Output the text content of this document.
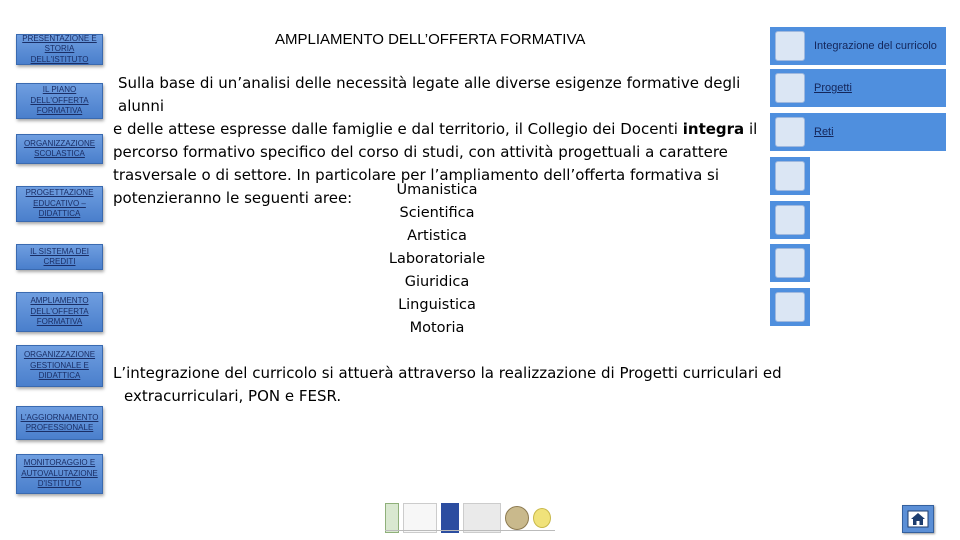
PRESENTAZIONE E STORIA DELL'ISTITUTO
IL PIANO DELL'OFFERTA FORMATIVA
ORGANIZZAZIONE SCOLASTICA
PROGETTAZIONE EDUCATIVO – DIDATTICA
IL SISTEMA DEI CREDITI
AMPLIAMENTO DELL'OFFERTA FORMATIVA
ORGANIZZAZIONE GESTIONALE E DIDATTICA
L'AGGIORNAMENTO PROFESSIONALE
MONITORAGGIO E AUTOVALUTAZIONE D'ISTITUTO
AMPLIAMENTO DELL’OFFERTA FORMATIVA
Sulla base di un’analisi delle necessità legate alle diverse esigenze formative degli alunni
e delle attese espresse dalle famiglie e dal territorio, il Collegio dei Docenti integra il
percorso formativo specifico del corso di studi, con attività progettuali a carattere
trasversale o di settore. In particolare per l’ampliamento dell’offerta formativa si
potenzieranno le seguenti aree:	Umanistica
Scientifica
Artistica
Laboratoriale
Giuridica
Linguistica
Motoria
L’integrazione del curricolo si attuerà attraverso la realizzazione di Progetti curriculari ed
extracurriculari, PON e FESR.
Integrazione del curricolo
Progetti
Reti
